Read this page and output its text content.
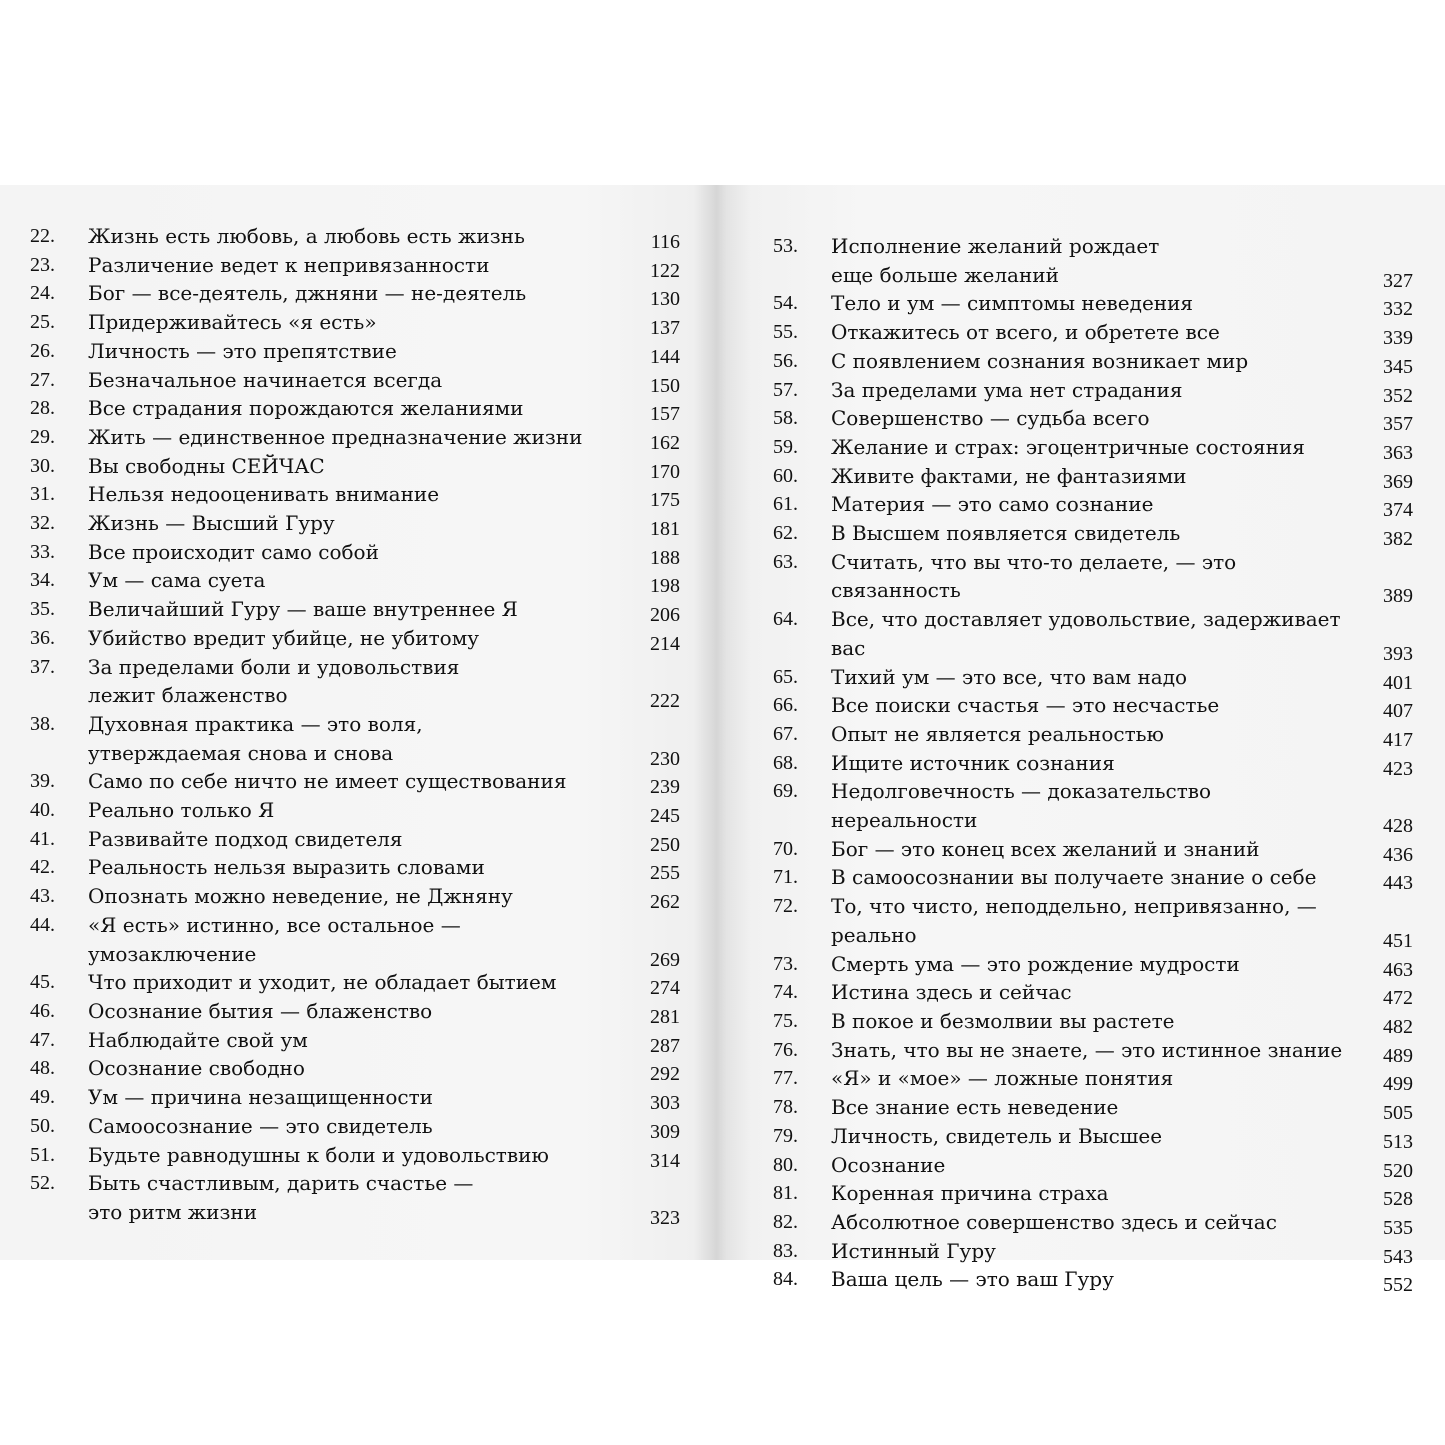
22. Жизнь есть любовь, а любовь есть жизнь	116
23. Различение ведет к непривязанности	122
24. Бог — все-деятель, джняни — не-деятель	130
25. Придерживайтесь «я есть»	137
26. Личность — это препятствие	144
27. Безначальное начинается всегда	150
28. Все страдания порождаются желаниями	157
29. Жить — единственное предназначение жизни	162
30. Вы свободны СЕЙЧАС	170
31. Нельзя недооценивать внимание	175
32. Жизнь — Высший Гуру	181
33. Все происходит само собой	188
34. Ум — сама суета	198
35. Величайший Гуру — ваше внутреннее Я	206
36. Убийство вредит убийце, не убитому	214
37. За пределами боли и удовольствия
лежит блаженство	222
38. Духовная практика — это воля,
утверждаемая снова и снова	230
39. Само по себе ничто не имеет существования	239
40. Реально только Я	245
41. Развивайте подход свидетеля	250
42. Реальность нельзя выразить словами	255
43. Опознать можно неведение, не Джняну	262
44. «Я есть» истинно, все остальное — умозаключение	269
45. Что приходит и уходит, не обладает бытием	274
46. Осознание бытия — блаженство	281
47. Наблюдайте свой ум	287
48. Осознание свободно	292
49. Ум — причина незащищенности	303
50. Самоосознание — это свидетель	309
51. Будьте равнодушны к боли и удовольствию	314
52. Быть счастливым, дарить счастье —
это ритм жизни	323
53. Исполнение желаний рождает
еще больше желаний	327
54. Тело и ум — симптомы неведения	332
55. Откажитесь от всего, и обретете все	339
56. С появлением сознания возникает мир	345
57. За пределами ума нет страдания	352
58. Совершенство — судьба всего	357
59. Желание и страх: эгоцентричные состояния	363
60. Живите фактами, не фантазиями	369
61. Материя — это само сознание	374
62. В Высшем появляется свидетель	382
63. Считать, что вы что-то делаете, — это связанность	389
64. Все, что доставляет удовольствие, задерживает вас	393
65. Тихий ум — это все, что вам надо	401
66. Все поиски счастья — это несчастье	407
67. Опыт не является реальностью	417
68. Ищите источник сознания	423
69. Недолговечность — доказательство нереальности	428
70. Бог — это конец всех желаний и знаний	436
71. В самоосознании вы получаете знание о себе	443
72. То, что чисто, неподдельно, непривязанно, —
реально	451
73. Смерть ума — это рождение мудрости	463
74. Истина здесь и сейчас	472
75. В покое и безмолвии вы растете	482
76. Знать, что вы не знаете, — это истинное знание 489
77. «Я» и «мое» — ложные понятия	499
78. Все знание есть неведение	505
79. Личность, свидетель и Высшее	513
80. Осознание	520
81. Коренная причина страха	528
82. Абсолютное совершенство здесь и сейчас	535
83. Истинный Гуру	543
84. Ваша цель — это ваш Гуру	552
